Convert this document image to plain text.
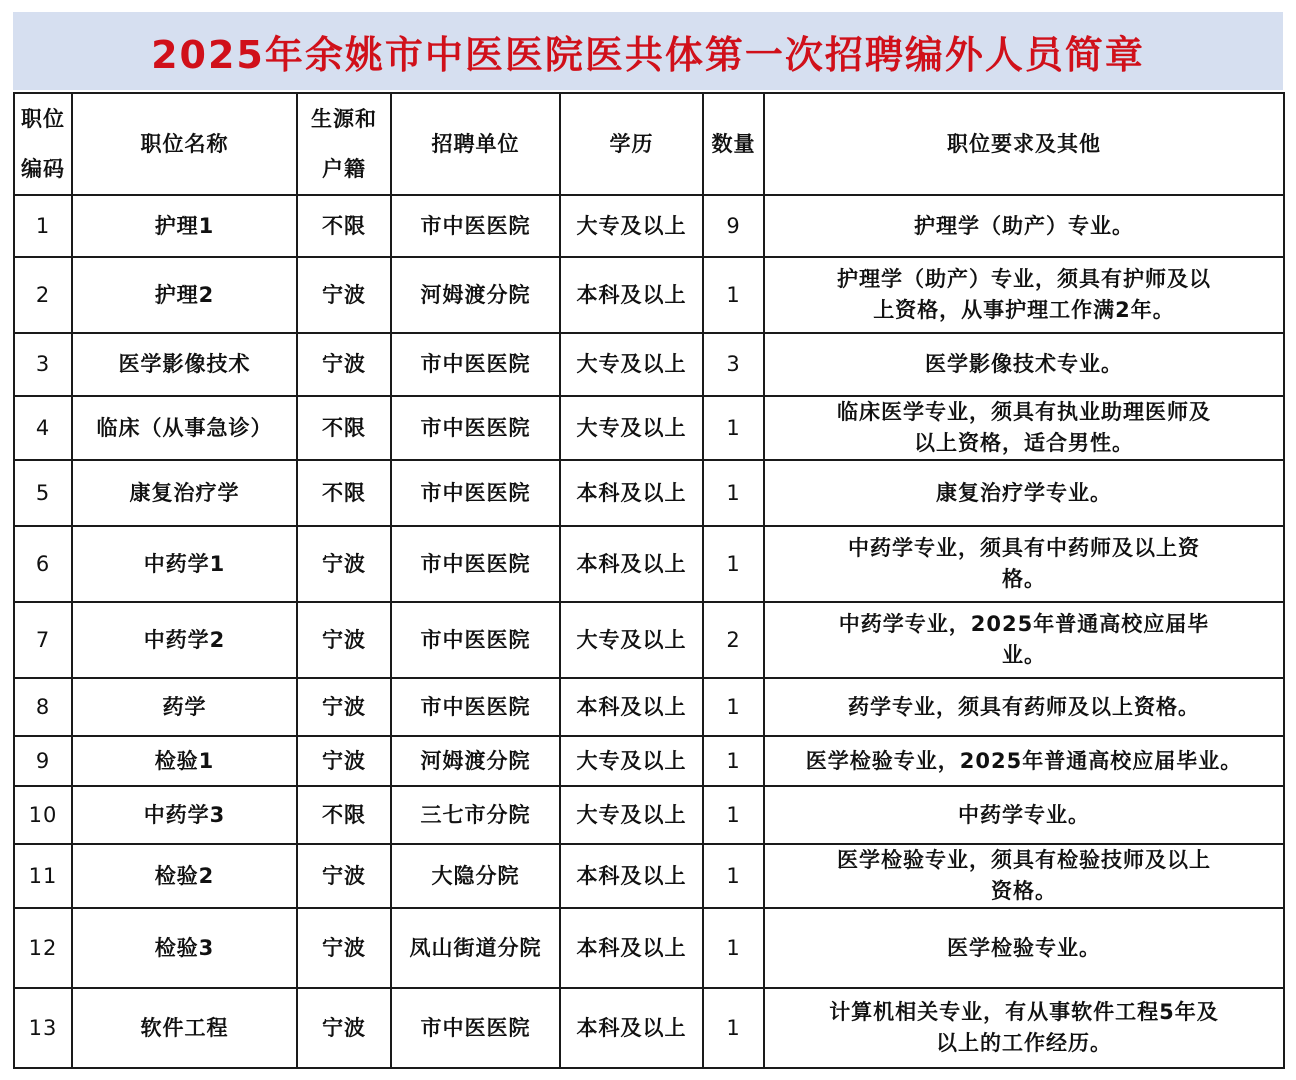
2025年余姚市中医医院医共体第一次招聘编外人员简章
职位编码	职位名称	生源和户籍	招聘单位	学历	数量	职位要求及其他
1	护理1	不限	市中医医院	大专及以上	9	护理学（助产）专业。
2	护理2	宁波	河姆渡分院	本科及以上	1	护理学（助产）专业，须具有护师及以上资格，从事护理工作满2年。
3	医学影像技术	宁波	市中医医院	大专及以上	3	医学影像技术专业。
4	临床（从事急诊）	不限	市中医医院	大专及以上	1	临床医学专业，须具有执业助理医师及以上资格，适合男性。
5	康复治疗学	不限	市中医医院	本科及以上	1	康复治疗学专业。
6	中药学1	宁波	市中医医院	本科及以上	1	中药学专业，须具有中药师及以上资格。
7	中药学2	宁波	市中医医院	大专及以上	2	中药学专业，2025年普通高校应届毕业。
8	药学	宁波	市中医医院	本科及以上	1	药学专业，须具有药师及以上资格。
9	检验1	宁波	河姆渡分院	大专及以上	1	医学检验专业，2025年普通高校应届毕业。
10	中药学3	不限	三七市分院	大专及以上	1	中药学专业。
11	检验2	宁波	大隐分院	本科及以上	1	医学检验专业，须具有检验技师及以上资格。
12	检验3	宁波	凤山街道分院	本科及以上	1	医学检验专业。
13	软件工程	宁波	市中医医院	本科及以上	1	计算机相关专业，有从事软件工程5年及以上的工作经历。
